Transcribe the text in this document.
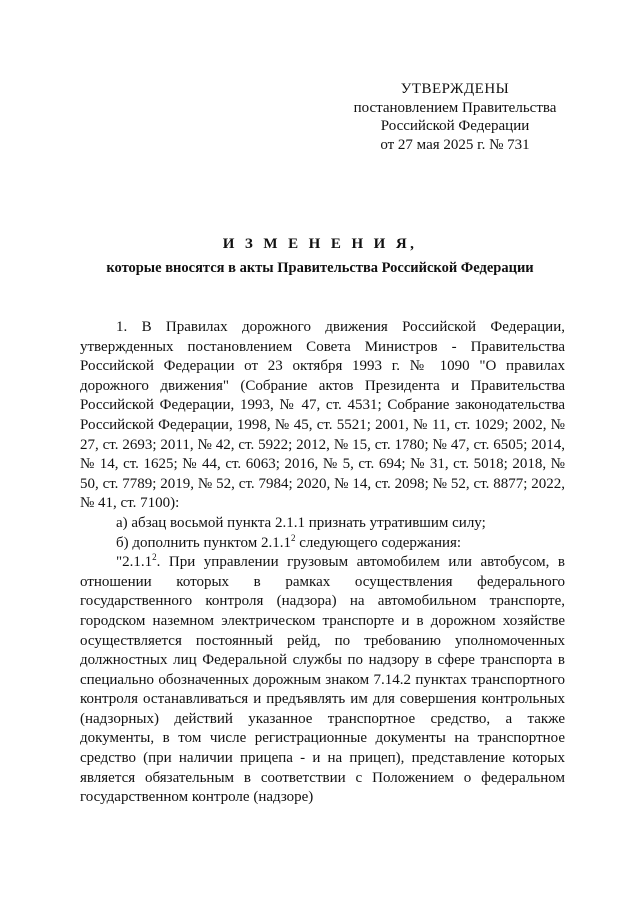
УТВЕРЖДЕНЫ
постановлением Правительства
Российской Федерации
от 27 мая 2025 г. № 731
И З М Е Н Е Н И Я,
которые вносятся в акты Правительства Российской Федерации

1. В Правилах дорожного движения Российской Федерации, утвержденных постановлением Совета Министров - Правительства Российской Федерации от 23 октября 1993 г. № 1090 "О правилах дорожного движения" (Собрание актов Президента и Правительства Российской Федерации, 1993, № 47, ст. 4531; Собрание законодательства Российской Федерации, 1998, № 45, ст. 5521; 2001, № 11, ст. 1029; 2002, № 27, ст. 2693; 2011, № 42, ст. 5922; 2012, № 15, ст. 1780; № 47, ст. 6505; 2014, № 14, ст. 1625; № 44, ст. 6063; 2016, № 5, ст. 694; № 31, ст. 5018; 2018, № 50, ст. 7789; 2019, № 52, ст. 7984; 2020, № 14, ст. 2098; № 52, ст. 8877; 2022, № 41, ст. 7100):

а) абзац восьмой пункта 2.1.1 признать утратившим силу;

б) дополнить пунктом 2.1.1$^2$ следующего содержания:

"2.1.1$^2$. При управлении грузовым автомобилем или автобусом, в отношении которых в рамках осуществления федерального государственного контроля (надзора) на автомобильном транспорте, городском наземном электрическом транспорте и в дорожном хозяйстве осуществляется постоянный рейд, по требованию уполномоченных должностных лиц Федеральной службы по надзору в сфере транспорта в специально обозначенных дорожным знаком 7.14.2 пунктах транспортного контроля останавливаться и предъявлять им для совершения контрольных (надзорных) действий указанное транспортное средство, а также документы, в том числе регистрационные документы на транспортное средство (при наличии прицепа - и на прицеп), представление которых является обязательным в соответствии с Положением о федеральном государственном контроле (надзоре)
